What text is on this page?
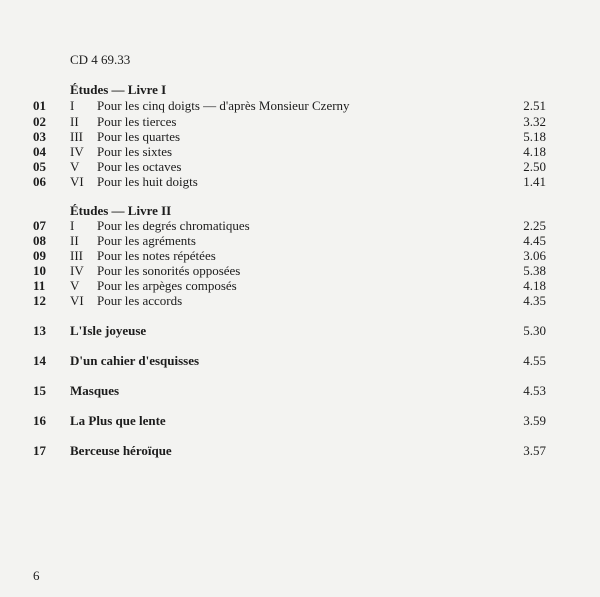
CD 4 69.33
Études — Livre I
01 I Pour les cinq doigts — d'après Monsieur Czerny	2.51
02 II Pour les tierces	3.32
03 III Pour les quartes	5.18
04 IV Pour les sixtes	4.18
05 V Pour les octaves	2.50
06 VI Pour les huit doigts	1.41
Études — Livre II
07 I Pour les degrés chromatiques	2.25
08 II Pour les agréments	4.45
09 III Pour les notes répétées	3.06
10 IV Pour les sonorités opposées	5.38
11 V Pour les arpèges composés	4.18
12 VI Pour les accords	4.35
13 L'Isle joyeuse	5.30
14 D'un cahier d'esquisses	4.55
15 Masques	4.53
16 La Plus que lente	3.59
17 Berceuse héroïque	3.57
6
